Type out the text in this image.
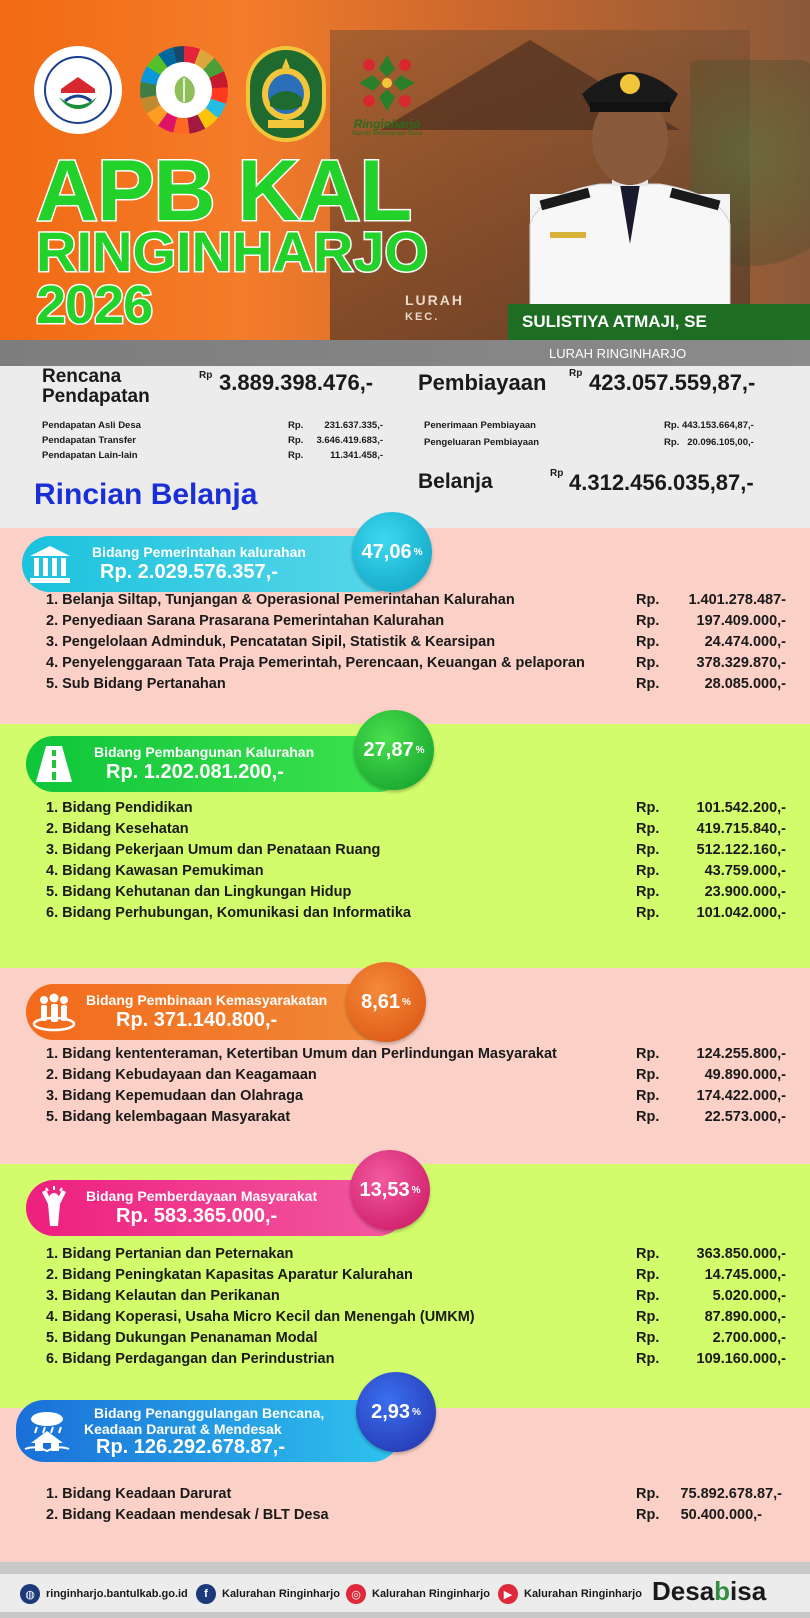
LURAH
KEC.
Ringinharjo
Mandiri Membangun Desa
APB KAL
RINGINHARJO
2026	SULISTIYA ATMAJI, SE
LURAH RINGINHARJO
Rencana
Pendapatan
Rp 3.889.398.476,- Pembiayaan Rp 423.057.559,87,-
Pendapatan Asli Desa	Rp.	231.637.335,-
Pendapatan Transfer	Rp.	3.646.419.683,-
Pendapatan Lain-lain	Rp.	11.341.458,-
Penerimaan Pembiayaan	Rp. 443.153.664,87,-
Pengeluaran Pembiayaan	Rp.   20.096.105,00,-
Belanja	Rp 4.312.456.035,87,-
Rincian Belanja
Bidang Pemerintahan kalurahan
Rp. 2.029.576.357,-
47,06 %
1. Belanja Siltap, Tunjangan & Operasional Pemerintahan Kalurahan	Rp. 1.401.278.487-
2. Penyediaan Sarana Prasarana Pemerintahan Kalurahan	Rp.	197.409.000,-
3. Pengelolaan Adminduk, Pencatatan Sipil, Statistik & Kearsipan	Rp.	24.474.000,-
4. Penyelenggaraan Tata Praja Pemerintah, Perencaan, Keuangan & pelaporan	Rp.	378.329.870,-
5. Sub Bidang Pertanahan	Rp.	28.085.000,-
Bidang Pembangunan Kalurahan
Rp. 1.202.081.200,-
27,87 %
1. Bidang Pendidikan	Rp.	101.542.200,-
2. Bidang Kesehatan	Rp.	419.715.840,-
3. Bidang Pekerjaan Umum dan Penataan Ruang	Rp.	512.122.160,-
4. Bidang Kawasan Pemukiman	Rp.	43.759.000,-
5. Bidang Kehutanan dan Lingkungan Hidup	Rp.	23.900.000,-
6. Bidang Perhubungan, Komunikasi dan Informatika	Rp.	101.042.000,-
Bidang Pembinaan Kemasyarakatan
Rp. 371.140.800,-
8,61 %
1. Bidang kententeraman, Ketertiban Umum dan Perlindungan Masyarakat	Rp.	124.255.800,-
2. Bidang Kebudayaan dan Keagamaan	Rp.	49.890.000,-
3. Bidang Kepemudaan dan Olahraga	Rp.	174.422.000,-
5. Bidang kelembagaan Masyarakat	Rp.	22.573.000,-
Bidang Pemberdayaan Masyarakat
Rp. 583.365.000,-
13,53 %
1. Bidang Pertanian dan Peternakan	Rp.	363.850.000,-
2. Bidang Peningkatan Kapasitas Aparatur Kalurahan	Rp.	14.745.000,-
3. Bidang Kelautan dan Perikanan	Rp.	5.020.000,-
4. Bidang Koperasi, Usaha Micro Kecil dan Menengah (UMKM)	Rp.	87.890.000,-
5. Bidang Dukungan Penanaman Modal	Rp.	2.700.000,-
6. Bidang Perdagangan dan Perindustrian	Rp.	109.160.000,-
Bidang Penanggulangan Bencana,
Keadaan Darurat & Mendesak
Rp. 126.292.678.87,-
2,93 %
1. Bidang Keadaan Darurat	Rp. 75.892.678.87,-
2. Bidang Keadaan mendesak / BLT Desa	Rp. 50.400.000,-
◍	ringinharjo.bantulkab.go.id	f	Kalurahan Ringinharjo	◎	Kalurahan Ringinharjo	▶	Kalurahan Ringinharjo Desabisa
